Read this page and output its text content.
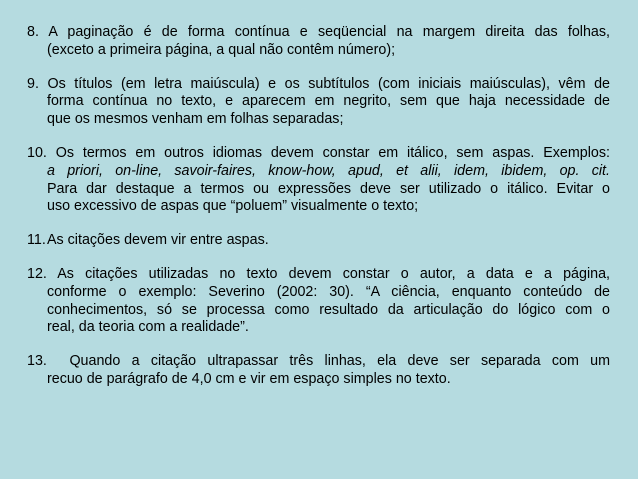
8. A paginação é de forma contínua e seqüencial na margem direita das folhas,
(exceto a primeira página, a qual não contêm número);
9. Os títulos (em letra maiúscula) e os subtítulos (com iniciais maiúsculas), vêm de
forma contínua no texto, e aparecem em negrito, sem que haja necessidade de
que os mesmos venham em folhas separadas;
10. Os termos em outros idiomas devem constar em itálico, sem aspas. Exemplos:
a priori, on-line, savoir-faires, know-how, apud, et alii, idem, ibidem, op. cit.
Para dar destaque a termos ou expressões deve ser utilizado o itálico. Evitar o
uso excessivo de aspas que “poluem” visualmente o texto;
11.As citações devem vir entre aspas.
12. As citações utilizadas no texto devem constar o autor, a data e a página,
conforme o exemplo: Severino (2002: 30). “A ciência, enquanto conteúdo de
conhecimentos, só se processa como resultado da articulação do lógico com o
real, da teoria com a realidade”.
13.  Quando a citação ultrapassar três linhas, ela deve ser separada com um
recuo de parágrafo de 4,0 cm e vir em espaço simples no texto.
